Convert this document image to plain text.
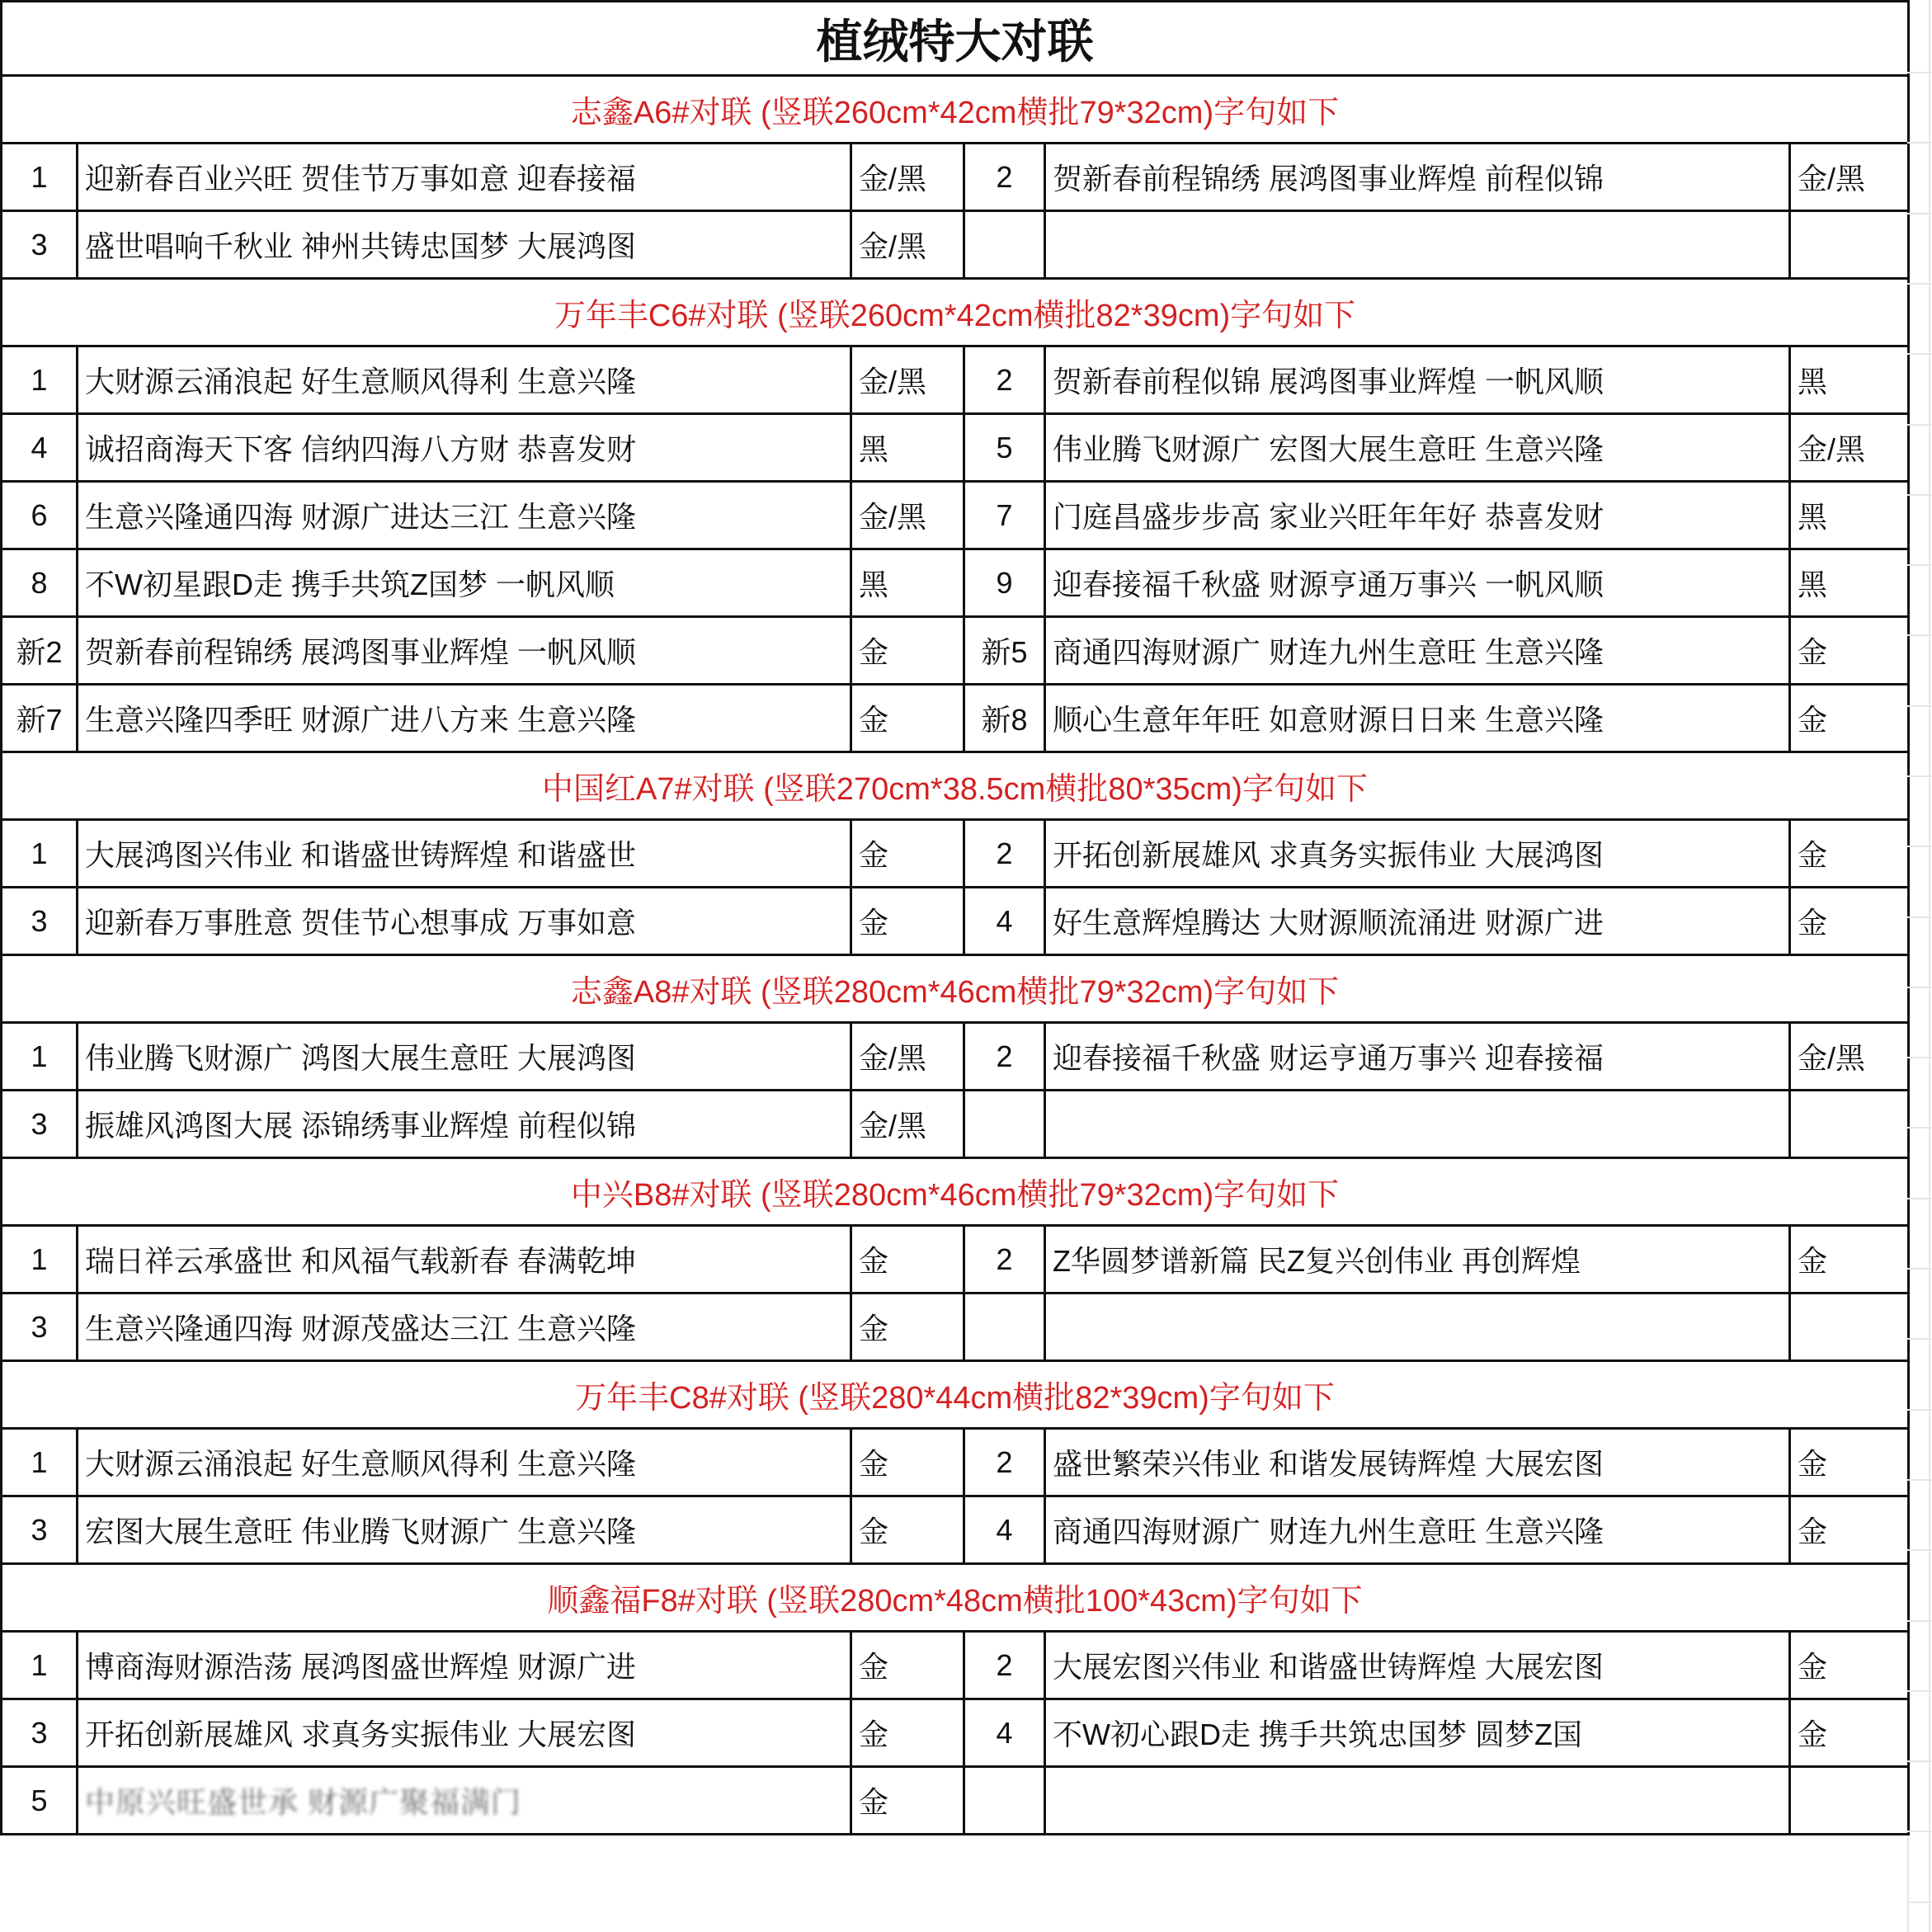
植绒特大对联					
志鑫A6#对联 (竖联260cm*42cm横批79*32cm)字句如下					
1	迎新春百业兴旺 贺佳节万事如意 迎春接福	金/黑	2	贺新春前程锦绣 展鸿图事业辉煌 前程似锦	金/黑
3	盛世唱响千秋业 神州共铸忠国梦 大展鸿图	金/黑			
万年丰C6#对联 (竖联260cm*42cm横批82*39cm)字句如下					
1	大财源云涌浪起 好生意顺风得利 生意兴隆	金/黑	2	贺新春前程似锦 展鸿图事业辉煌 一帆风顺	黑
4	诚招商海天下客 信纳四海八方财 恭喜发财	黑	5	伟业腾飞财源广 宏图大展生意旺 生意兴隆	金/黑
6	生意兴隆通四海 财源广进达三江 生意兴隆	金/黑	7	门庭昌盛步步高 家业兴旺年年好 恭喜发财	黑
8	不W初星跟D走 携手共筑Z国梦 一帆风顺	黑	9	迎春接福千秋盛 财源亨通万事兴 一帆风顺	黑
新2	贺新春前程锦绣 展鸿图事业辉煌 一帆风顺	金	新5	商通四海财源广 财连九州生意旺 生意兴隆	金
新7	生意兴隆四季旺 财源广进八方来 生意兴隆	金	新8	顺心生意年年旺 如意财源日日来 生意兴隆	金
中国红A7#对联 (竖联270cm*38.5cm横批80*35cm)字句如下					
1	大展鸿图兴伟业 和谐盛世铸辉煌 和谐盛世	金	2	开拓创新展雄风 求真务实振伟业 大展鸿图	金
3	迎新春万事胜意 贺佳节心想事成 万事如意	金	4	好生意辉煌腾达 大财源顺流涌进 财源广进	金
志鑫A8#对联 (竖联280cm*46cm横批79*32cm)字句如下					
1	伟业腾飞财源广 鸿图大展生意旺 大展鸿图	金/黑	2	迎春接福千秋盛 财运亨通万事兴 迎春接福	金/黑
3	振雄风鸿图大展 添锦绣事业辉煌 前程似锦	金/黑			
中兴B8#对联 (竖联280cm*46cm横批79*32cm)字句如下					
1	瑞日祥云承盛世 和风福气载新春 春满乾坤	金	2	Z华圆梦谱新篇 民Z复兴创伟业 再创辉煌	金
3	生意兴隆通四海 财源茂盛达三江 生意兴隆	金			
万年丰C8#对联 (竖联280*44cm横批82*39cm)字句如下					
1	大财源云涌浪起 好生意顺风得利 生意兴隆	金	2	盛世繁荣兴伟业 和谐发展铸辉煌 大展宏图	金
3	宏图大展生意旺 伟业腾飞财源广 生意兴隆	金	4	商通四海财源广 财连九州生意旺 生意兴隆	金
顺鑫福F8#对联 (竖联280cm*48cm横批100*43cm)字句如下					
1	博商海财源浩荡 展鸿图盛世辉煌 财源广进	金	2	大展宏图兴伟业 和谐盛世铸辉煌 大展宏图	金
3	开拓创新展雄风 求真务实振伟业 大展宏图	金	4	不W初心跟D走 携手共筑忠国梦 圆梦Z国	金
5	中原兴旺盛世承 财源广聚福满门	金			
